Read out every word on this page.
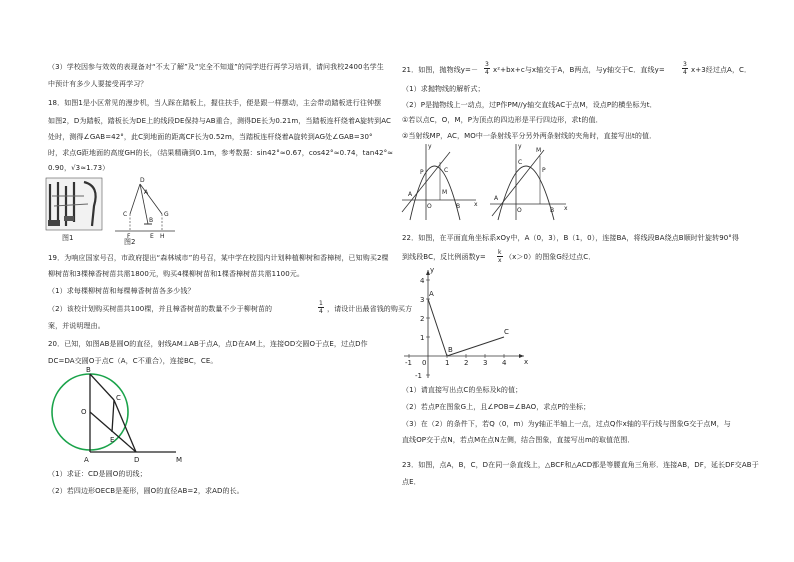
（3）学校因参与效效的表现备对“不太了解”及“完全不知道”的同学进行再学习培训，请问我校2400名学生
中预计有多少人要接受再学习？
18．如图1是小区常见的漫步机，当人踩在踏板上，握住扶手，便是跟一样摆动，主会带动踏板进行往钟摆
如图2，D为踏板，踏板长为DE上的线段DE保持与AB重合，测得DE长为0.21m，当踏板连杆绕着A旋转到AC
处时，测得∠GAB=42°，此C到地面的距离CF长为0.52m，当踏板连杆绕着A旋转到AG处∠GAB=30°
时，求点G距地面的高度GH的长，（结果精确到0.1m，参考数据：sin42°≈0.67，cos42°≈0.74，tan42°≈
0.90，√3≈1.73）
图1
D
A
C	G
B
F	E H
图2
19．为响应国家号召，市政府提出“森林城市”的号召，某中学在校园内计划种植柳树和香樟树，已知购买2棵
柳树苗和3棵樟香树苗共需1800元，购买4棵柳树苗和1棵香樟树苗共需1100元。
（1）求每棵柳树苗和每棵樟香树苗各多少钱？
（2）该校计划购买树苗共100棵，并且樟香树苗的数量不少于柳树苗的	$\frac{1}{4}$ ，请设计出最省钱的购买方
案，并说明理由。
20．已知，如图AB是圆O的直径，射线AM⊥AB于点A，点D在AM上，连接OD交圆O于点E，过点D作
DC=DA交圆O于点C（A，C不重合），连接BC，CE。
B
C
O
E
A	D	M
（1）求证：CD是圆O的切线；
（2）若四边形OECB是菱形，圆O的直径AB=2，求AD的长。
21．如图，抛物线$y=- \frac{3}{4} x^2+bx+c$与x轴交于A，B两点，与y轴交于C．直线y=	$\frac{3}{4} x+3$经过点A，C．
（1）求抛物线的解析式；
（2）P是抛物线上一动点，过P作PM//y轴交直线AC于点M，设点P的横坐标为t．
①若以点C，O，M，P为顶点的四边形是平行四边形，求t的值．
②当射线MP，AC，MO中一条射线平分另外两条射线的夹角时，直接写出t的值．
y
P	C
M
A
O	B x
y
P
C
M
A
O	B x
22．如图，在平面直角坐标系xOy中，A（0，3），B（1，0），连接BA，将线段BA绕点B顺时针旋转90°得
到线段BC，反比例函数$y= \frac{k}{x} (x>0)$的图象G经过点C．
y
x
A
B
C
-1 0	1 2 3 4
4
3
2
1
-1
（1）请直接写出点C的坐标及k的值；
（2）若点P在图象G上，且∠POB=∠BAO，求点P的坐标；
（3）在（2）的条件下，若Q（0，m）为y轴正半轴上一点，过点Q作x轴的平行线与图象G交于点M，与
直线OP交于点N，若点M在点N左侧，结合图象，直接写出m的取值范围．
23．如图，点A，B，C，D在同一条直线上，△BCF和△ACD都是等腰直角三角形．连接AB，DF，延长DF交AB于
点E．
